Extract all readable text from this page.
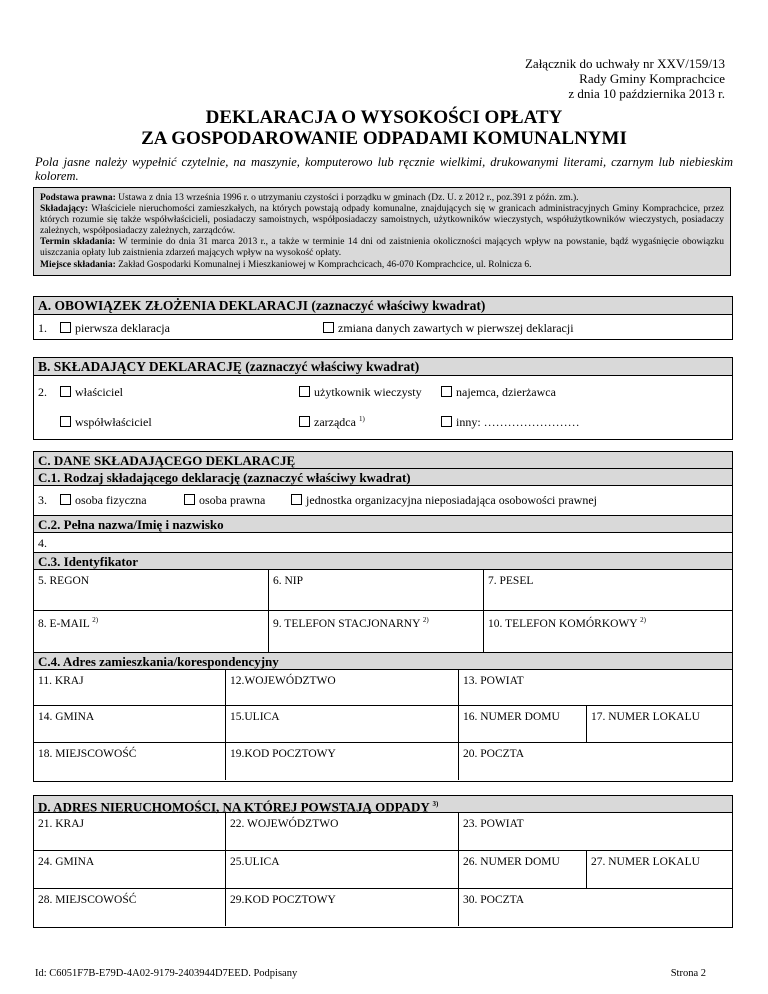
Załącznik do uchwały nr XXV/159/13
Rady Gminy Komprachcice
z dnia 10 października 2013 r.
DEKLARACJA O WYSOKOŚCI OPŁATY
ZA GOSPODAROWANIE ODPADAMI KOMUNALNYMI
Pola jasne należy wypełnić czytelnie, na maszynie, komputerowo lub ręcznie wielkimi, drukowanymi literami, czarnym lub niebieskim kolorem.
Podstawa prawna: Ustawa z dnia 13 września 1996 r. o utrzymaniu czystości i porządku w gminach (Dz. U. z 2012 r., poz.391 z późn. zm.).
Składający: Właściciele nieruchomości zamieszkałych, na których powstają odpady komunalne, znajdujących się w granicach administracyjnych Gminy Komprachcice, przez których rozumie się także współwłaścicieli, posiadaczy samoistnych, współposiadaczy samoistnych, użytkowników wieczystych, współużytkowników wieczystych, posiadaczy zależnych, współposiadaczy zależnych, zarządców.
Termin składania: W terminie do dnia 31 marca 2013 r., a także w terminie 14 dni od zaistnienia okoliczności mających wpływ na powstanie, bądź wygaśnięcie obowiązku uiszczania opłaty lub zaistnienia zdarzeń mających wpływ na wysokość opłaty.
Miejsce składania: Zakład Gospodarki Komunalnej i Mieszkaniowej w Komprachcicach, 46-070 Komprachcice, ul. Rolnicza 6.
A. OBOWIĄZEK ZŁOŻENIA DEKLARACJI (zaznaczyć właściwy kwadrat)
1.	pierwsza deklaracja	zmiana danych zawartych w pierwszej deklaracji
B. SKŁADAJĄCY DEKLARACJĘ (zaznaczyć właściwy kwadrat)
2.	właściciel	użytkownik wieczysty	najemca, dzierżawca
współwłaściciel	zarządca $^{1)}$	inny: ……………………
C. DANE SKŁADAJĄCEGO DEKLARACJĘ
C.1. Rodzaj składającego deklarację (zaznaczyć właściwy kwadrat)
3.	osoba fizyczna	osoba prawna	jednostka organizacyjna nieposiadająca osobowości prawnej
C.2. Pełna nazwa/Imię i nazwisko
4.
C.3. Identyfikator
5. REGON	6. NIP	7. PESEL
8. E-MAIL $^{2)}$	9. TELEFON STACJONARNY $^{2)}$	10. TELEFON KOMÓRKOWY $^{2)}$
C.4. Adres zamieszkania/korespondencyjny
11. KRAJ	12.WOJEWÓDZTWO	13. POWIAT
14. GMINA	15.ULICA	16. NUMER DOMU	17. NUMER LOKALU
18. MIEJSCOWOŚĆ	19.KOD POCZTOWY	20. POCZTA
D. ADRES NIERUCHOMOŚCI, NA KTÓREJ POWSTAJĄ ODPADY $^{3)}$
21. KRAJ	22. WOJEWÓDZTWO	23. POWIAT
24. GMINA	25.ULICA	26. NUMER DOMU	27. NUMER LOKALU
28. MIEJSCOWOŚĆ	29.KOD POCZTOWY	30. POCZTA
Id: C6051F7B-E79D-4A02-9179-2403944D7EED. Podpisany	Strona 2
